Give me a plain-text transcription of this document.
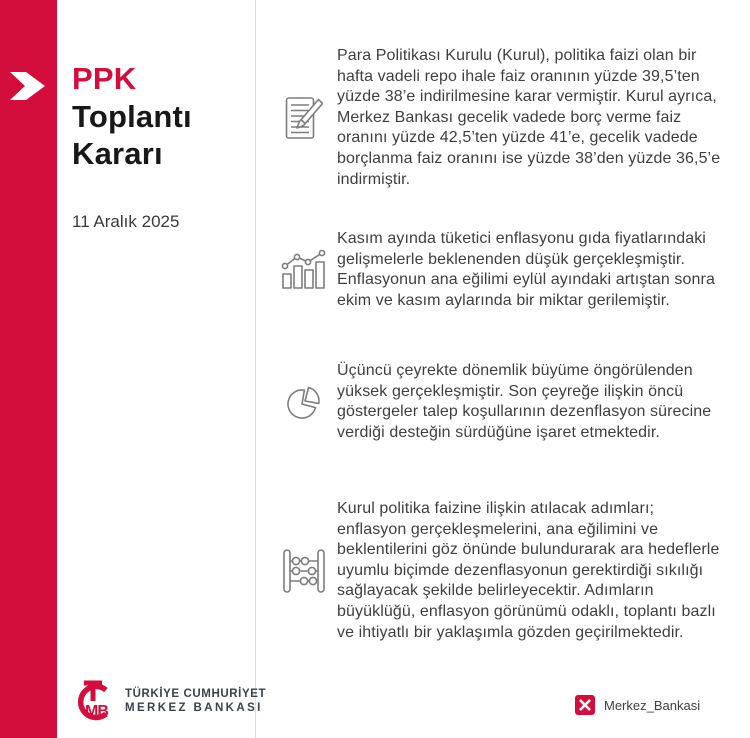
PPK
Toplantı
Kararı
11 Aralık 2025

Para Politikası Kurulu (Kurul), politika faizi olan bir hafta vadeli repo ihale faiz oranının yüzde 39,5’ten yüzde 38’e indirilmesine karar vermiştir. Kurul ayrıca, Merkez Bankası gecelik vadede borç verme faiz oranını yüzde 42,5’ten yüzde 41’e, gecelik vadede borçlanma faiz oranını ise yüzde 38’den yüzde 36,5’e indirmiştir.

Kasım ayında tüketici enflasyonu gıda fiyatlarındaki gelişmelerle beklenenden düşük gerçekleşmiştir. Enflasyonun ana eğilimi eylül ayındaki artıştan sonra ekim ve kasım aylarında bir miktar gerilemiştir.

Üçüncü çeyrekte dönemlik büyüme öngörülenden yüksek gerçekleşmiştir. Son çeyreğe ilişkin öncü göstergeler talep koşullarının dezenflasyon sürecine verdiği desteğin sürdüğüne işaret etmektedir.

Kurul politika faizine ilişkin atılacak adımları; enflasyon gerçekleşmelerini, ana eğilimini ve beklentilerini göz önünde bulundurarak ara hedeflerle uyumlu biçimde dezenflasyonun gerektirdiği sıkılığı sağlayacak şekilde belirleyecektir. Adımların büyüklüğü, enflasyon görünümü odaklı, toplantı bazlı ve ihtiyatlı bir yaklaşımla gözden geçirilmektedir.

MB
TÜRKİYE CUMHURİYET
MERKEZ BANKASI	Merkez_Bankasi
